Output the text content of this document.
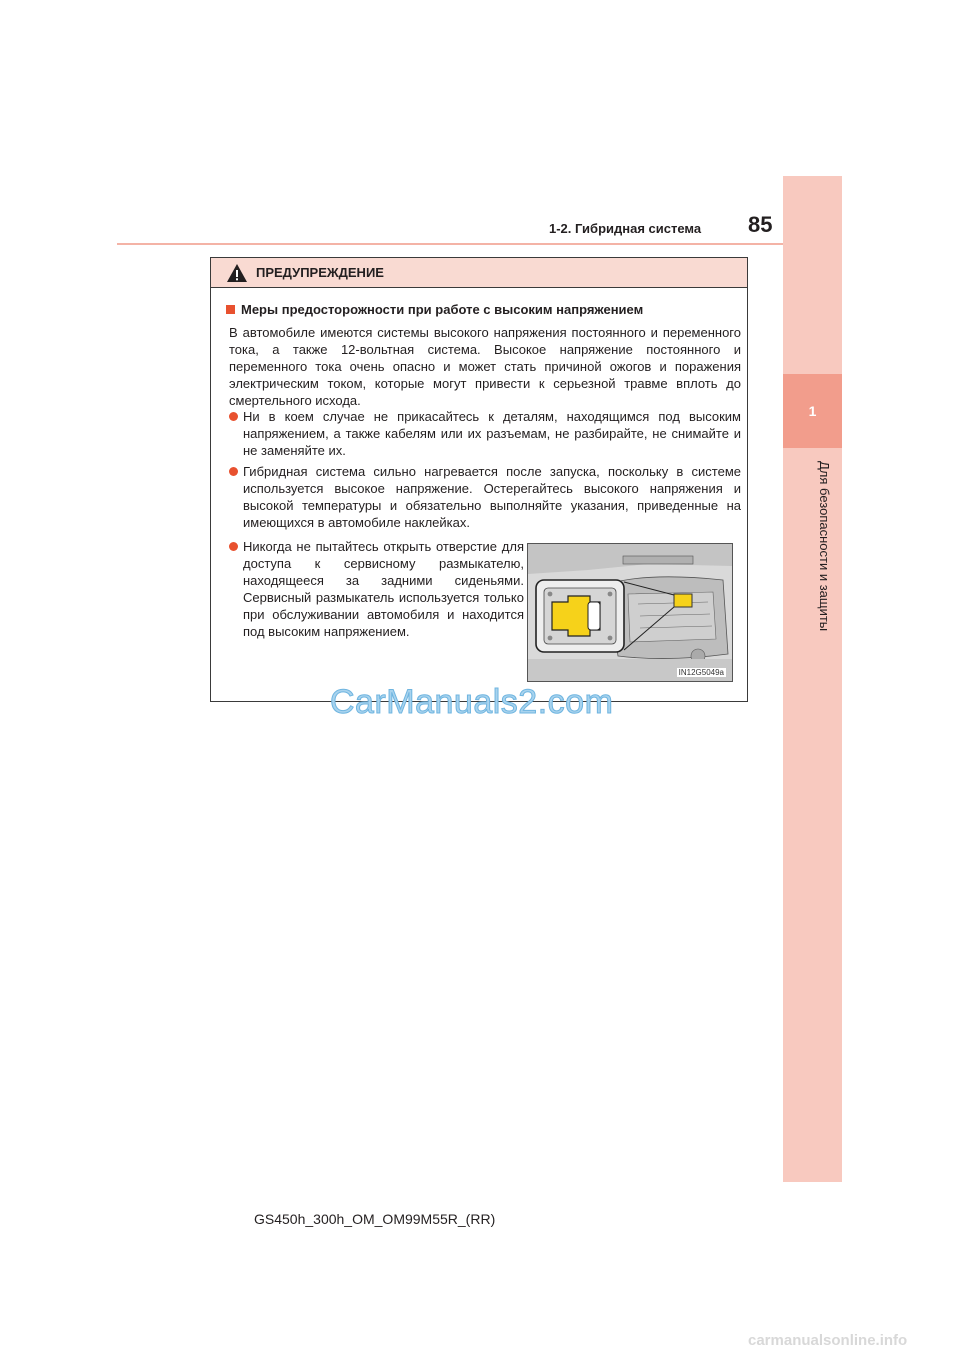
1
Для безопасности и защиты
1-2. Гибридная система 85
ПРЕДУПРЕЖДЕНИЕ
Меры предосторожности при работе с высоким напряжением
В автомобиле имеются системы высокого напряжения постоянного и переменного тока, а также 12-вольтная система. Высокое напряжение постоянного и переменного тока очень опасно и может стать причиной ожогов и поражения электрическим током, которые могут привести к серьезной травме вплоть до смертельного исхода.
Ни в коем случае не прикасайтесь к деталям, находящимся под высоким напряжением, а также кабелям или их разъемам, не разбирайте, не снимайте и не заменяйте их.
Гибридная система сильно нагревается после запуска, поскольку в системе используется высокое напряжение. Остерегайтесь высокого напряжения и высокой температуры и обязательно выполняйте указания, приведенные на имеющихся в автомобиле наклейках.
Никогда не пытайтесь открыть отверстие для доступа к сервисному размыкателю, находящееся за задними сиденьями. Сервисный размыкатель используется только при обслуживании автомобиля и находится под высоким напряжением.
IN12G5049a
CarManuals2.com
GS450h_300h_OM_OM99M55R_(RR)
carmanualsonline.info
